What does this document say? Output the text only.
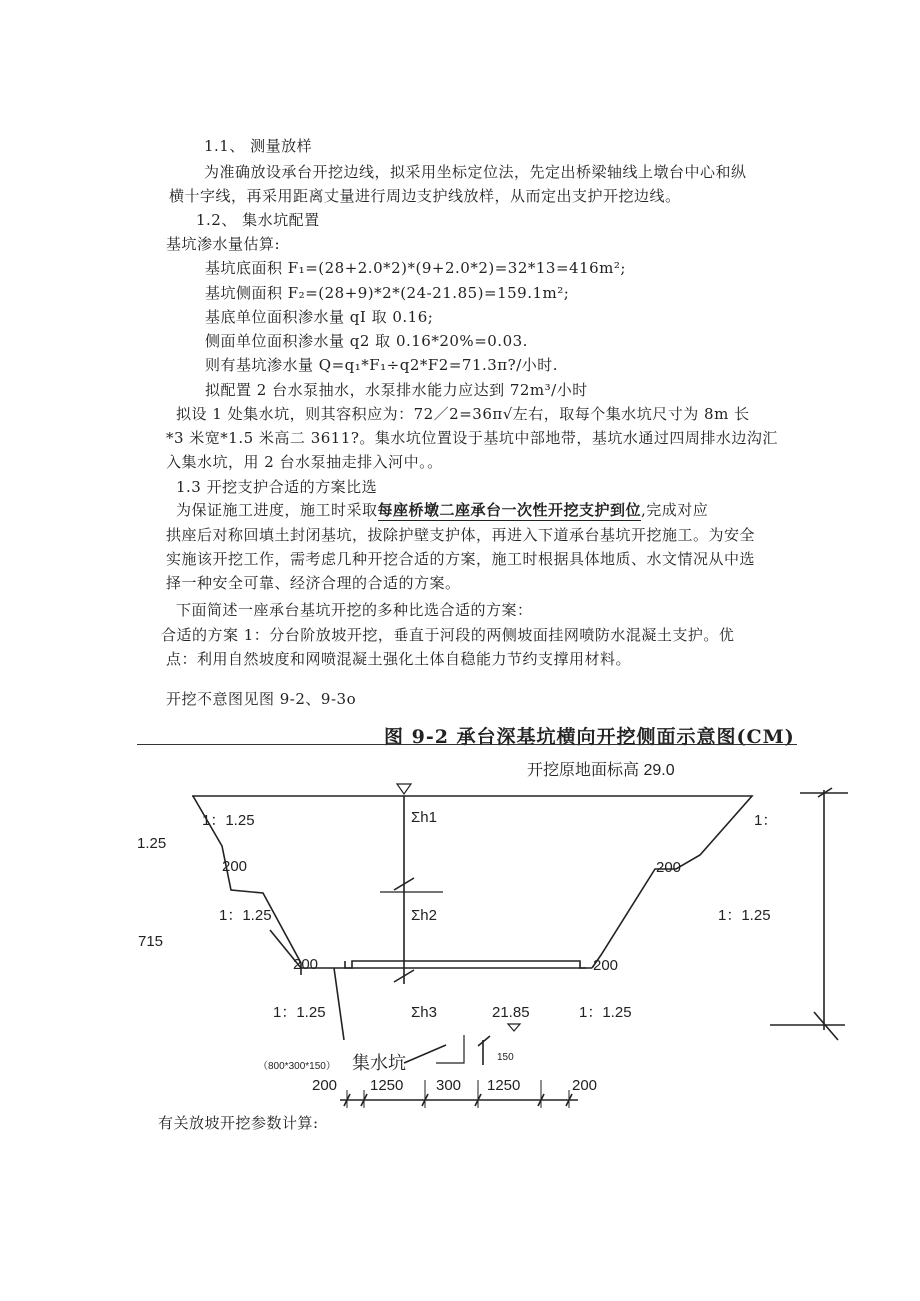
1.1、 测量放样
为准确放设承台开挖边线，拟采用坐标定位法，先定出桥梁轴线上墩台中心和纵
横十字线，再采用距离丈量进行周边支护线放样，从而定出支护开挖边线。
1.2、 集水坑配置
基坑渗水量估算:
基坑底面积 F₁=(28+2.0*2)*(9+2.0*2)=32*13=416m²;
基坑侧面积 F₂=(28+9)*2*(24-21.85)=159.1m²;
基底单位面积渗水量 qI 取 0.16;
侧面单位面积渗水量 q2 取 0.16*20%=0.03.
则有基坑渗水量 Q=q₁*F₁÷q2*F2=71.3π?/小时.
拟配置 2 台水泵抽水，水泵排水能力应达到 72m³/小时
拟设 1 处集水坑，则其容积应为：72／2=36π√左右，取每个集水坑尺寸为 8m 长
*3 米宽*1.5 米高二 3611?。集水坑位置设于基坑中部地带，基坑水通过四周排水边沟汇
入集水坑，用 2 台水泵抽走排入河中。。
1.3 开挖支护合适的方案比选
为保证施工进度，施工时采取每座桥墩二座承台一次性开挖支护到位,完成对应
拱座后对称回填土封闭基坑，拔除护壁支护体，再进入下道承台基坑开挖施工。为安全
实施该开挖工作，需考虑几种开挖合适的方案，施工时根据具体地质、水文情况从中选
择一种安全可靠、经济合理的合适的方案。
下面简述一座承台基坑开挖的多种比选合适的方案：
合适的方案 1：分台阶放坡开挖，垂直于河段的两侧坡面挂网喷防水混凝土支护。优
点：利用自然坡度和网喷混凝土强化土体自稳能力节约支撑用材料。
开挖不意图见图 9-2、9-3o
图 9-2 承台深基坑横向开挖侧面示意图(CM)
开挖原地面标高 29.0
Σh1
Σh2
Σh3	21.85
1：1.25
1：1.25
1：1.25
1：
1：1.25
1：1.25
200	200
200	200
1.25
715
（800*300*150） 集水坑	150
200 1250 300 1250	200
有关放坡开挖参数计算:
